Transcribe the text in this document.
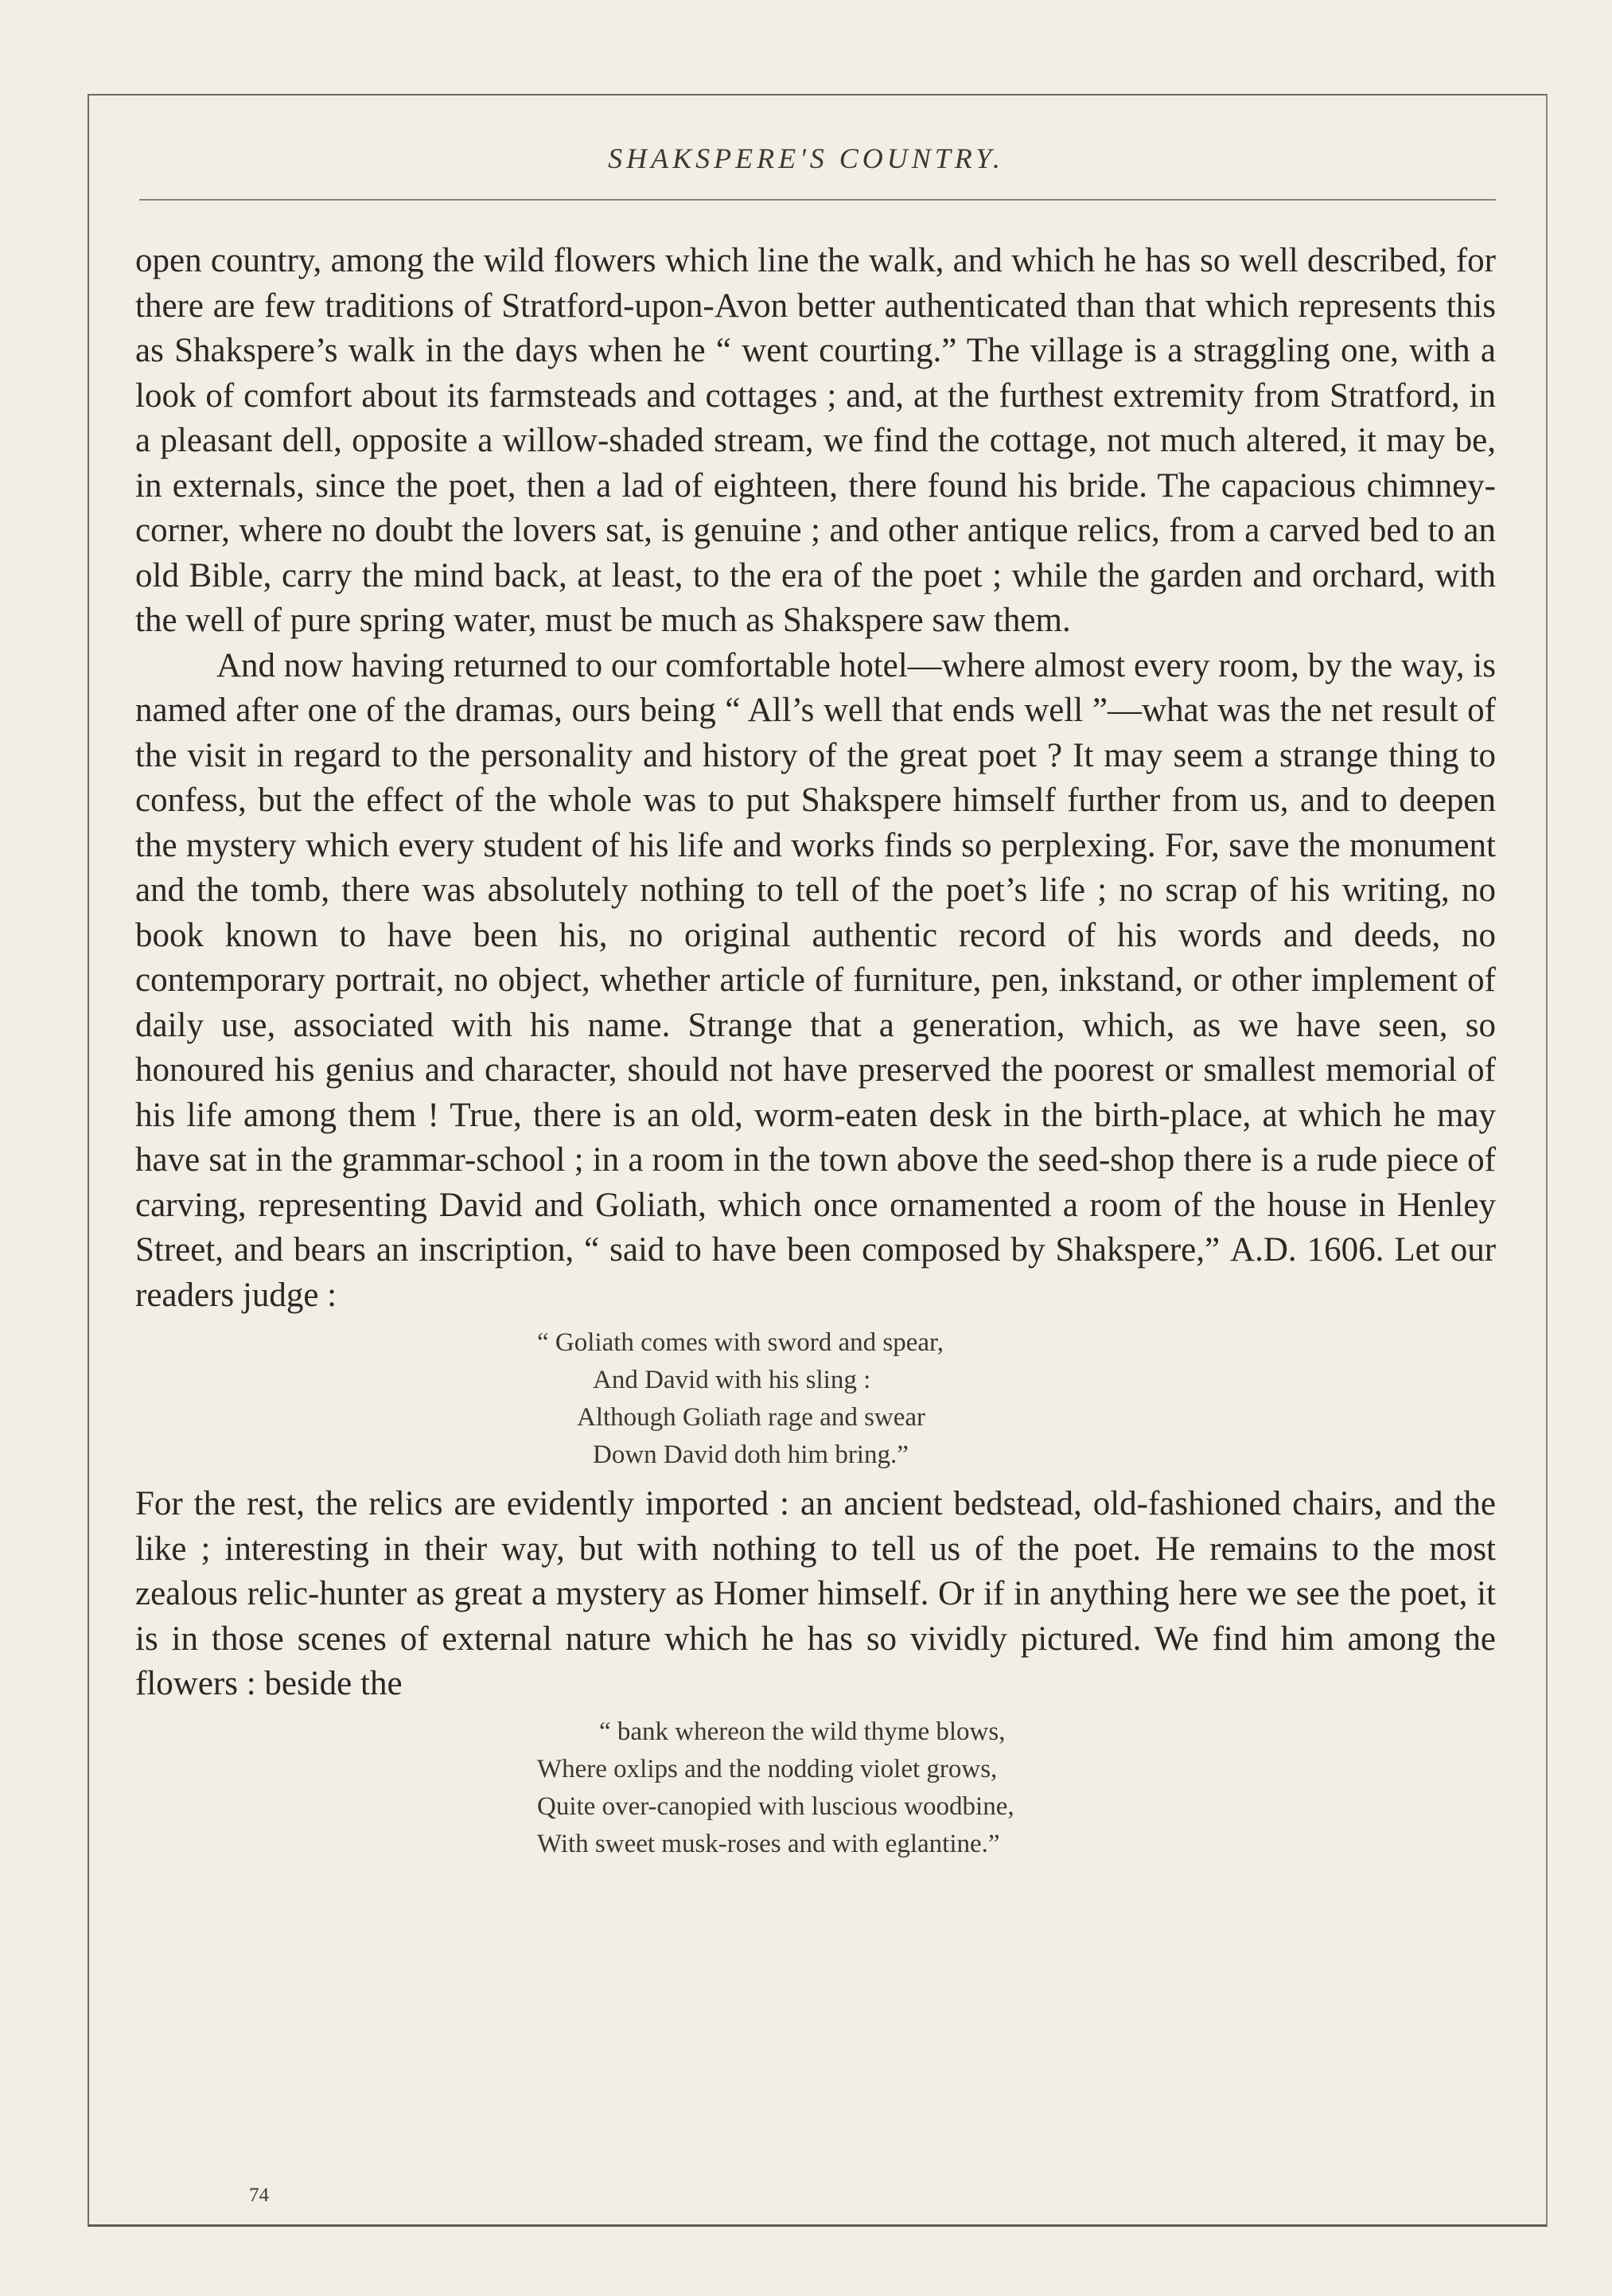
SHAKSPERE'S COUNTRY.

open country, among the wild flowers which line the walk, and which he has so well described, for there are few traditions of Stratford-upon-Avon better authenticated than that which represents this as Shakspere’s walk in the days when he “ went courting.” The village is a straggling one, with a look of comfort about its farmsteads and cottages ; and, at the furthest extremity from Stratford, in a pleasant dell, opposite a willow-shaded stream, we find the cottage, not much altered, it may be, in externals, since the poet, then a lad of eighteen, there found his bride. The capacious chimney-corner, where no doubt the lovers sat, is genuine ; and other antique relics, from a carved bed to an old Bible, carry the mind back, at least, to the era of the poet ; while the garden and orchard, with the well of pure spring water, must be much as Shakspere saw them.

And now having returned to our comfortable hotel—where almost every room, by the way, is named after one of the dramas, ours being “ All’s well that ends well ”—what was the net result of the visit in regard to the personality and history of the great poet ? It may seem a strange thing to confess, but the effect of the whole was to put Shakspere himself further from us, and to deepen the mystery which every student of his life and works finds so perplexing. For, save the monument and the tomb, there was absolutely nothing to tell of the poet’s life ; no scrap of his writing, no book known to have been his, no original authentic record of his words and deeds, no contemporary portrait, no object, whether article of furniture, pen, inkstand, or other implement of daily use, associated with his name. Strange that a generation, which, as we have seen, so honoured his genius and character, should not have preserved the poorest or smallest memorial of his life among them ! True, there is an old, worm-eaten desk in the birth-place, at which he may have sat in the grammar-school ; in a room in the town above the seed-shop there is a rude piece of carving, representing David and Goliath, which once ornamented a room of the house in Henley Street, and bears an inscription, “ said to have been composed by Shakspere,” A.D. 1606. Let our readers judge :

“ Goliath comes with sword and spear,
And David with his sling :
Although Goliath rage and swear
Down David doth him bring.”

For the rest, the relics are evidently imported : an ancient bedstead, old-fashioned chairs, and the like ; interesting in their way, but with nothing to tell us of the poet. He remains to the most zealous relic-hunter as great a mystery as Homer himself. Or if in anything here we see the poet, it is in those scenes of external nature which he has so vividly pictured. We find him among the flowers : beside the

“ bank whereon the wild thyme blows,
Where oxlips and the nodding violet grows,
Quite over-canopied with luscious woodbine,
With sweet musk-roses and with eglantine.”
74
